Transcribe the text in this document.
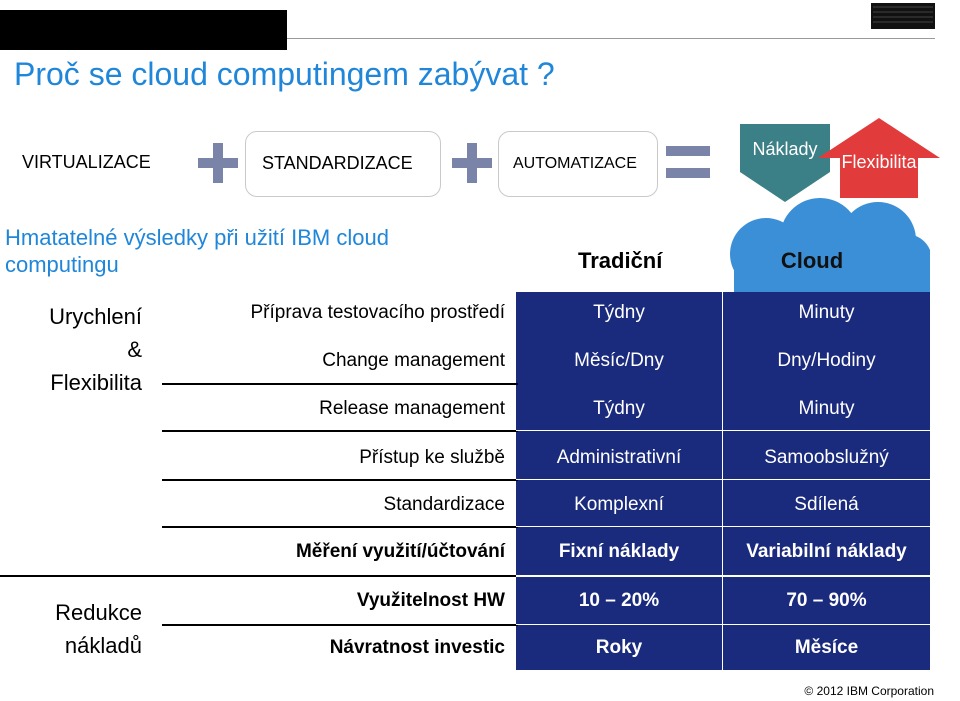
Proč se cloud computingem zabývat ?
VIRTUALIZACE	STANDARDIZACE	AUTOMATIZACE
Náklady
Flexibilita
Hmatatelné výsledky při užití IBM cloud computingu	Tradiční	Cloud
Urychlení
&
Flexibilita
Redukce
nákladů
Příprava testovacího prostředí	Týdny	Minuty
Change management	Měsíc/Dny	Dny/Hodiny
Release management	Týdny	Minuty
Přístup ke službě	Administrativní	Samoobslužný
Standardizace	Komplexní	Sdílená
Měření využití/účtování	Fixní náklady	Variabilní náklady
Využitelnost HW	10 – 20%	70 – 90%
Návratnost investic	Roky	Měsíce
© 2012 IBM Corporation
